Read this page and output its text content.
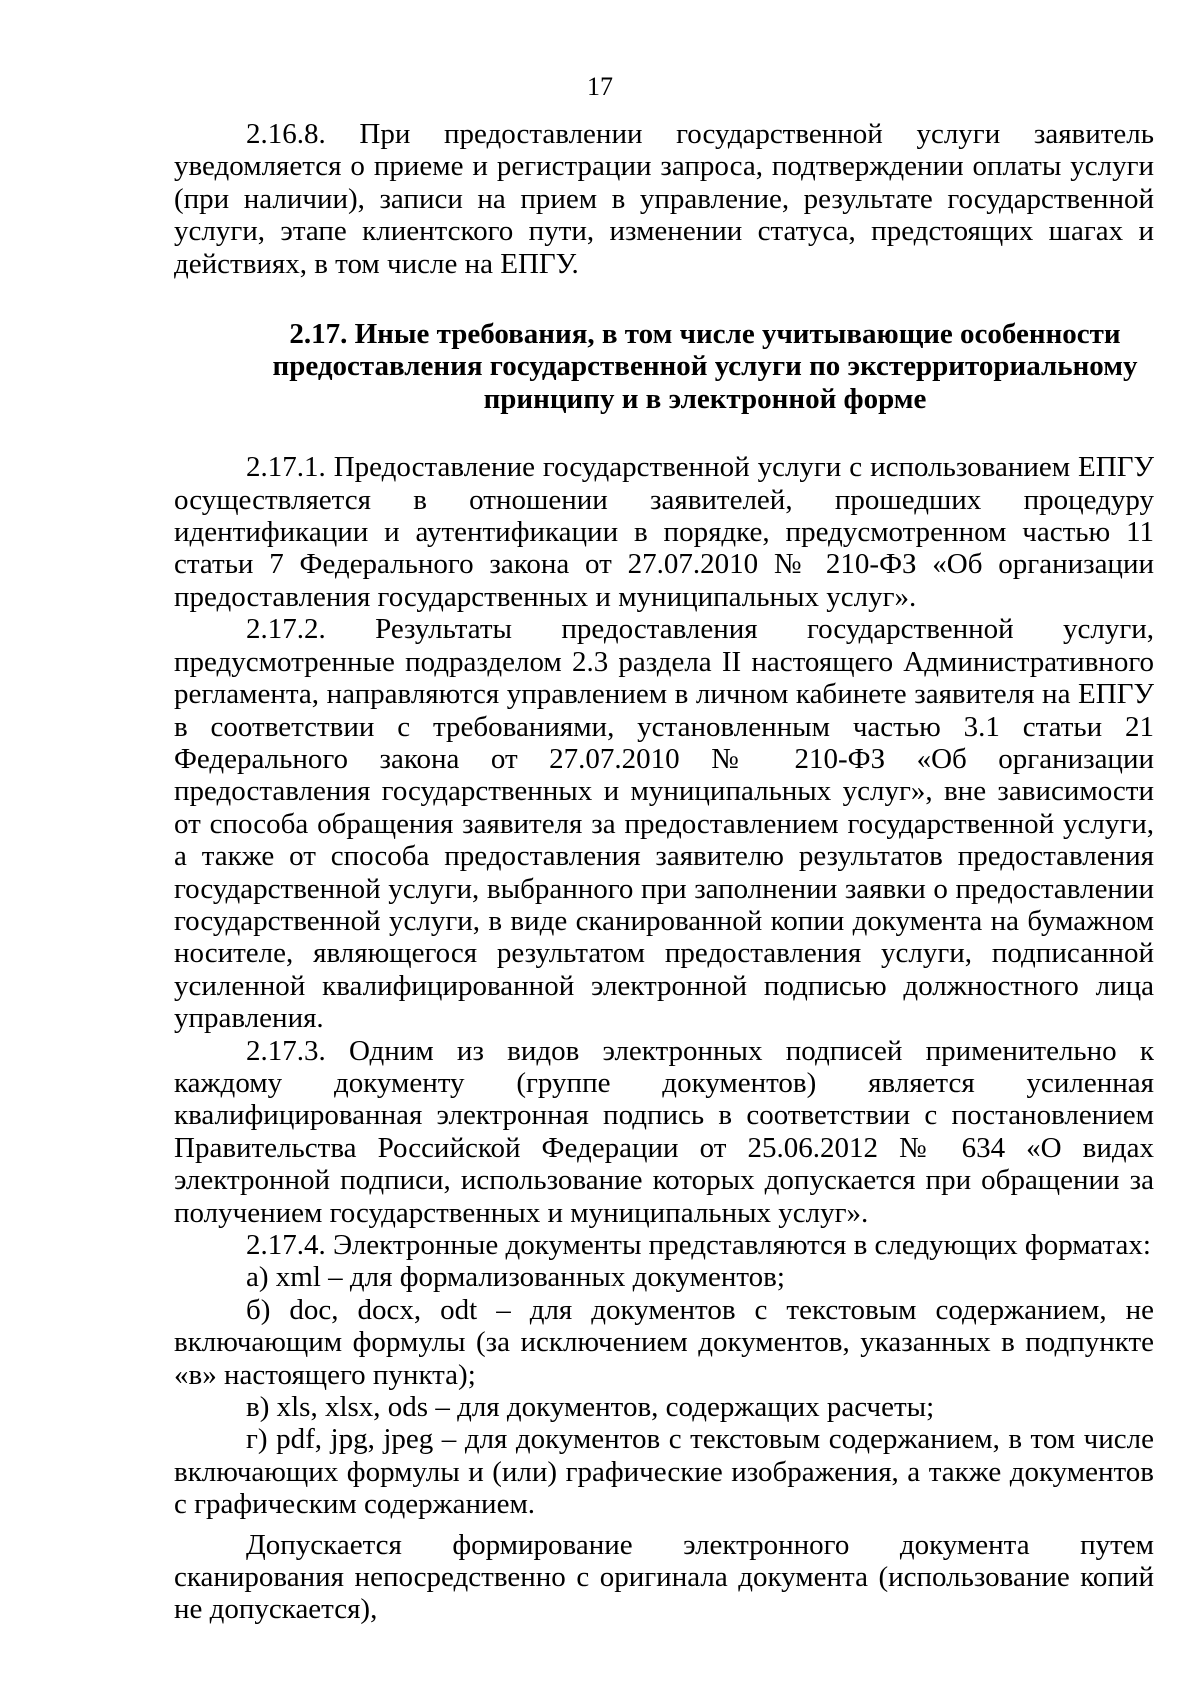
17

2.16.8. При предоставлении государственной услуги заявитель уведомляется о приеме и регистрации запроса, подтверждении оплаты услуги (при наличии), записи на прием в управление, результате государственной услуги, этапе клиентского пути, изменении статуса, предстоящих шагах и действиях, в том числе на ЕПГУ.

2.17. Иные требования, в том числе учитывающие особенности
предоставления государственной услуги по экстерриториальному
принципу и в электронной форме

2.17.1. Предоставление государственной услуги с использованием ЕПГУ осуществляется в отношении заявителей, прошедших процедуру идентификации и аутентификации в порядке, предусмотренном частью 11 статьи 7 Федерального закона от 27.07.2010 № 210-ФЗ «Об организации предоставления государственных и муниципальных услуг».

2.17.2. Результаты предоставления государственной услуги, предусмотренные подразделом 2.3 раздела II настоящего Административного регламента, направляются управлением в личном кабинете заявителя на ЕПГУ в соответствии с требованиями, установленным частью 3.1 статьи 21 Федерального закона от 27.07.2010 № 210-ФЗ «Об организации предоставления государственных и муниципальных услуг», вне зависимости от способа обращения заявителя за предоставлением государственной услуги, а также от способа предоставления заявителю результатов предоставления государственной услуги, выбранного при заполнении заявки о предоставлении государственной услуги, в виде сканированной копии документа на бумажном носителе, являющегося результатом предоставления услуги, подписанной усиленной квалифицированной электронной подписью должностного лица управления.

2.17.3. Одним из видов электронных подписей применительно к каждому документу (группе документов) является усиленная квалифицированная электронная подпись в соответствии с постановлением Правительства Российской Федерации от 25.06.2012 № 634 «О видах электронной подписи, использование которых допускается при обращении за получением государственных и муниципальных услуг».

2.17.4. Электронные документы представляются в следующих форматах:

а) xml – для формализованных документов;

б) doc, docx, odt – для документов с текстовым содержанием, не включающим формулы (за исключением документов, указанных в подпункте «в» настоящего пункта);

в) xls, xlsx, ods – для документов, содержащих расчеты;

г) pdf, jpg, jpeg – для документов с текстовым содержанием, в том числе включающих формулы и (или) графические изображения, а также документов с графическим содержанием.

Допускается формирование электронного документа путем сканирования непосредственно с оригинала документа (использование копий не допускается),
